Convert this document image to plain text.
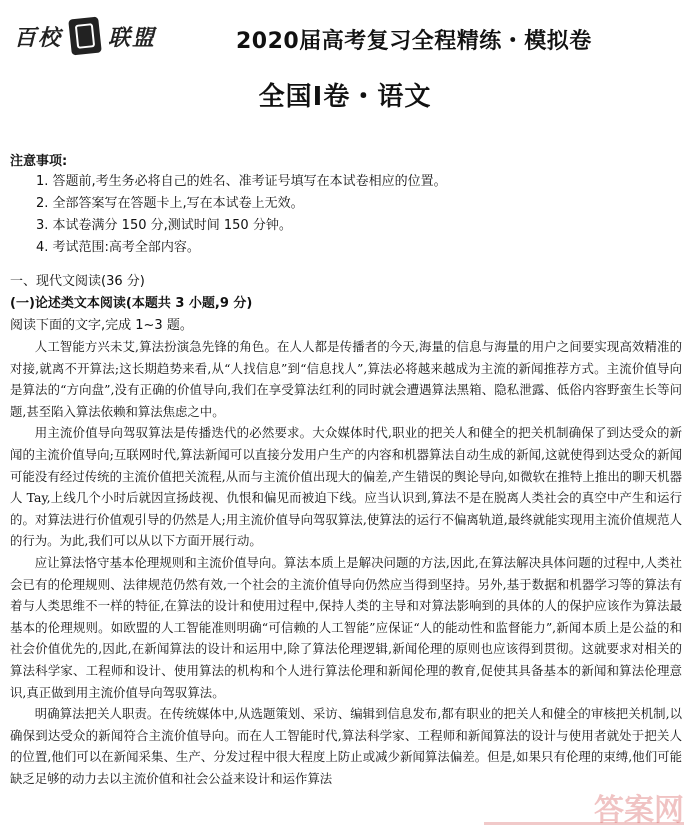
百校 联盟	2020届高考复习全程精练・模拟卷
全国Ⅰ卷・语文
注意事项:
1. 答题前,考生务必将自己的姓名、准考证号填写在本试卷相应的位置。
2. 全部答案写在答题卡上,写在本试卷上无效。
3. 本试卷满分 150 分,测试时间 150 分钟。
4. 考试范围:高考全部内容。
一、现代文阅读(36 分)
(一)论述类文本阅读(本题共 3 小题,9 分)
阅读下面的文字,完成 1~3 题。

人工智能方兴未艾,算法扮演急先锋的角色。在人人都是传播者的今天,海量的信息与海量的用户之间要实现高效精准的对接,就离不开算法;这长期趋势来看,从“人找信息”到“信息找人”,算法必将越来越成为主流的新闻推荐方式。主流价值导向是算法的“方向盘”,没有正确的价值导向,我们在享受算法红利的同时就会遭遇算法黑箱、隐私泄露、低俗内容野蛮生长等问题,甚至陷入算法依赖和算法焦虑之中。

用主流价值导向驾驭算法是传播迭代的必然要求。大众媒体时代,职业的把关人和健全的把关机制确保了到达受众的新闻的主流价值导向;互联网时代,算法新闻可以直接分发用户生产的内容和机器算法自动生成的新闻,这就使得到达受众的新闻可能没有经过传统的主流价值把关流程,从而与主流价值出现大的偏差,产生错误的舆论导向,如微软在推特上推出的聊天机器人 Tay,上线几个小时后就因宣扬歧视、仇恨和偏见而被迫下线。应当认识到,算法不是在脱离人类社会的真空中产生和运行的。对算法进行价值观引导的仍然是人;用主流价值导向驾驭算法,使算法的运行不偏离轨道,最终就能实现用主流价值规范人的行为。为此,我们可以从以下方面开展行动。

应让算法恪守基本伦理规则和主流价值导向。算法本质上是解决问题的方法,因此,在算法解决具体问题的过程中,人类社会已有的伦理规则、法律规范仍然有效,一个社会的主流价值导向仍然应当得到坚持。另外,基于数据和机器学习等的算法有着与人类思维不一样的特征,在算法的设计和使用过程中,保持人类的主导和对算法影响到的具体的人的保护应该作为算法最基本的伦理规则。如欧盟的人工智能准则明确“可信赖的人工智能”应保证“人的能动性和监督能力”,新闻本质上是公益的和社会价值优先的,因此,在新闻算法的设计和运用中,除了算法伦理逻辑,新闻伦理的原则也应该得到贯彻。这就要求对相关的算法科学家、工程师和设计、使用算法的机构和个人进行算法伦理和新闻伦理的教育,促使其具备基本的新闻和算法伦理意识,真正做到用主流价值导向驾驭算法。

明确算法把关人职责。在传统媒体中,从选题策划、采访、编辑到信息发布,都有职业的把关人和健全的审核把关机制,以确保到达受众的新闻符合主流价值导向。而在人工智能时代,算法科学家、工程师和新闻算法的设计与使用者就处于把关人的位置,他们可以在新闻采集、生产、分发过程中很大程度上防止或减少新闻算法偏差。但是,如果只有伦理的束缚,他们可能缺乏足够的动力去以主流价值和社会公益来设计和运作算法

答案网
